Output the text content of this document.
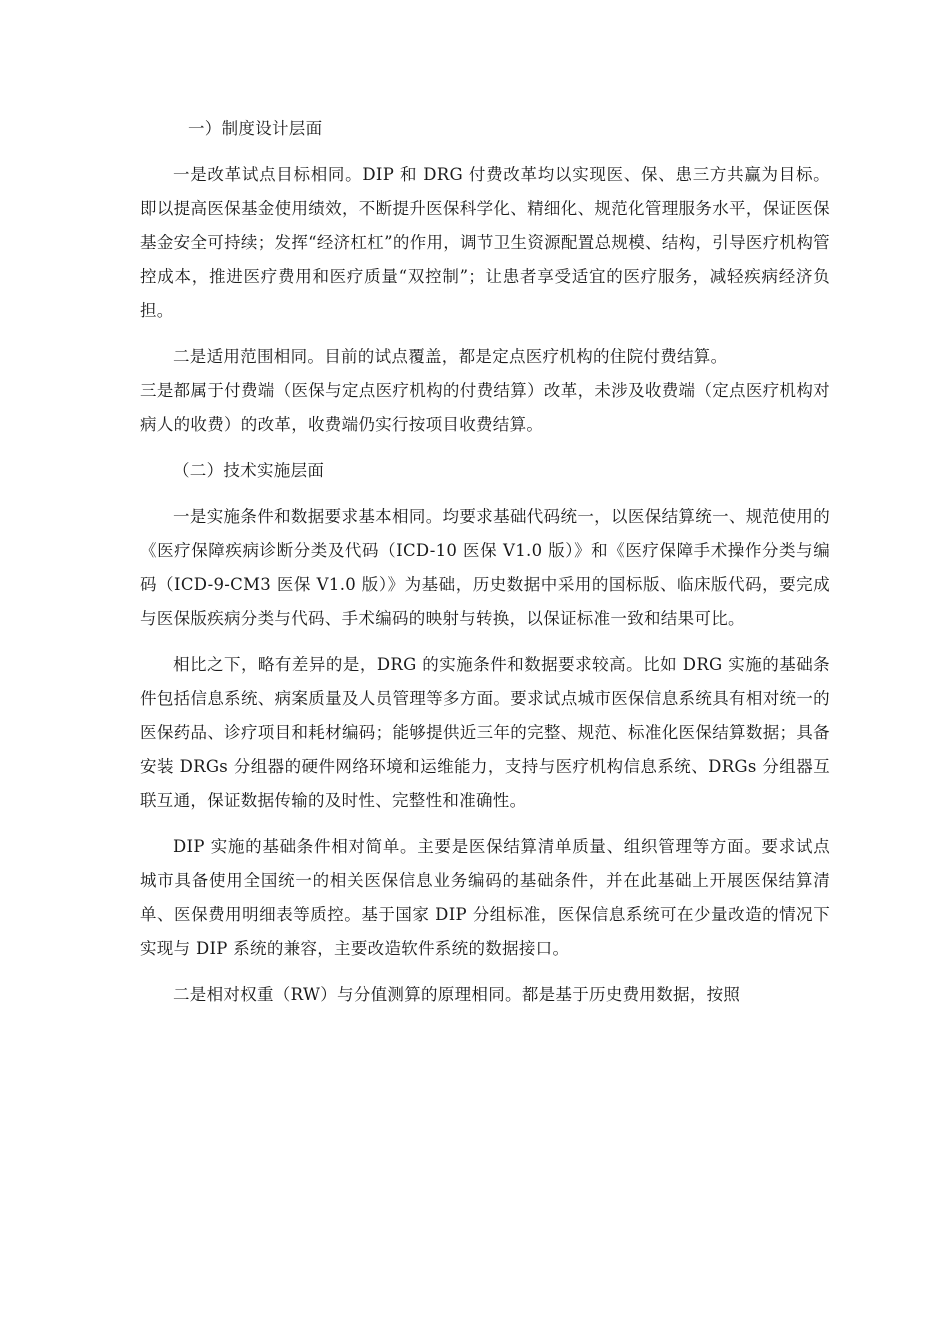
一）制度设计层面

一是改革试点目标相同。DIP 和 DRG 付费改革均以实现医、保、患三方共赢为目标。即以提高医保基金使用绩效，不断提升医保科学化、精细化、规范化管理服务水平，保证医保基金安全可持续；发挥“经济杠杠”的作用，调节卫生资源配置总规模、结构，引导医疗机构管控成本，推进医疗费用和医疗质量“双控制”；让患者享受适宜的医疗服务，减轻疾病经济负担。

二是适用范围相同。目前的试点覆盖，都是定点医疗机构的住院付费结算。

三是都属于付费端（医保与定点医疗机构的付费结算）改革，未涉及收费端（定点医疗机构对病人的收费）的改革，收费端仍实行按项目收费结算。

（二）技术实施层面

一是实施条件和数据要求基本相同。均要求基础代码统一，以医保结算统一、规范使用的《医疗保障疾病诊断分类及代码（ICD-10 医保 V1.0 版）》和《医疗保障手术操作分类与编码（ICD-9-CM3 医保 V1.0 版）》为基础，历史数据中采用的国标版、临床版代码，要完成与医保版疾病分类与代码、手术编码的映射与转换，以保证标准一致和结果可比。

相比之下，略有差异的是，DRG 的实施条件和数据要求较高。比如 DRG 实施的基础条件包括信息系统、病案质量及人员管理等多方面。要求试点城市医保信息系统具有相对统一的医保药品、诊疗项目和耗材编码；能够提供近三年的完整、规范、标准化医保结算数据；具备安装 DRGs 分组器的硬件网络环境和运维能力，支持与医疗机构信息系统、DRGs 分组器互联互通，保证数据传输的及时性、完整性和准确性。

DIP 实施的基础条件相对简单。主要是医保结算清单质量、组织管理等方面。要求试点城市具备使用全国统一的相关医保信息业务编码的基础条件，并在此基础上开展医保结算清单、医保费用明细表等质控。基于国家 DIP 分组标准，医保信息系统可在少量改造的情况下实现与 DIP 系统的兼容，主要改造软件系统的数据接口。

二是相对权重（RW）与分值测算的原理相同。都是基于历史费用数据，按照
